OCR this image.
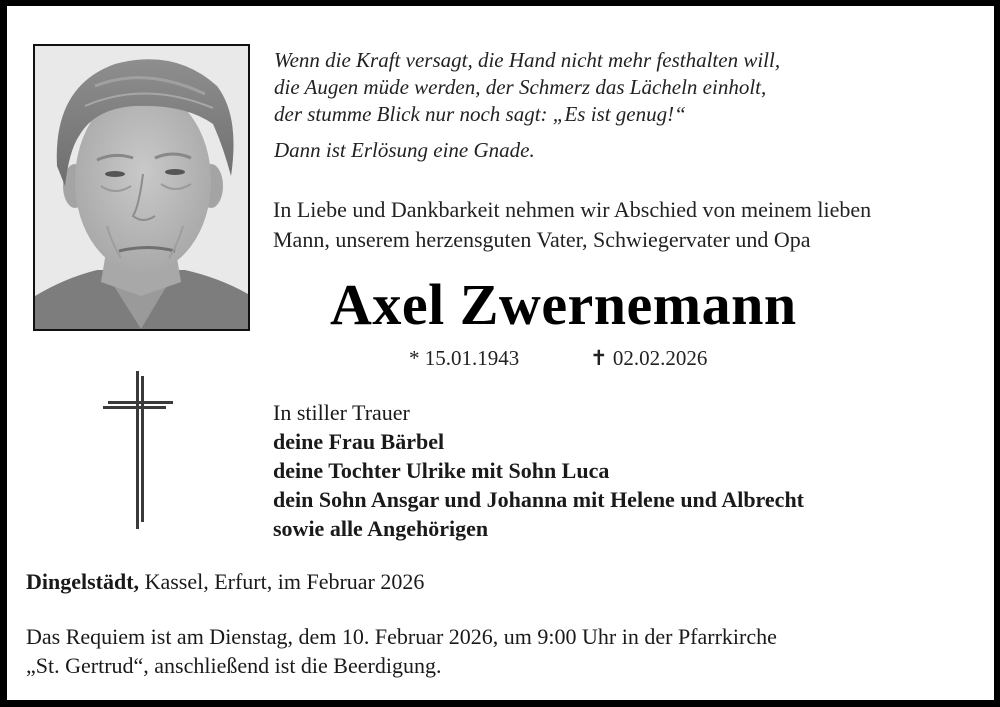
Wenn die Kraft versagt, die Hand nicht mehr festhalten will,
die Augen müde werden, der Schmerz das Lächeln einholt,
der stumme Blick nur noch sagt: „Es ist genug!“
Dann ist Erlösung eine Gnade.
In Liebe und Dankbarkeit nehmen wir Abschied von meinem lieben
Mann, unserem herzensguten Vater, Schwiegervater und Opa
Axel Zwernemann
* 15.01.1943	✝ 02.02.2026
In stiller Trauer
deine Frau Bärbel
deine Tochter Ulrike mit Sohn Luca
dein Sohn Ansgar und Johanna mit Helene und Albrecht
sowie alle Angehörigen
Dingelstädt, Kassel, Erfurt, im Februar 2026
Das Requiem ist am Dienstag, dem 10. Februar 2026, um 9:00 Uhr in der Pfarrkirche
„St. Gertrud“, anschließend ist die Beerdigung.
